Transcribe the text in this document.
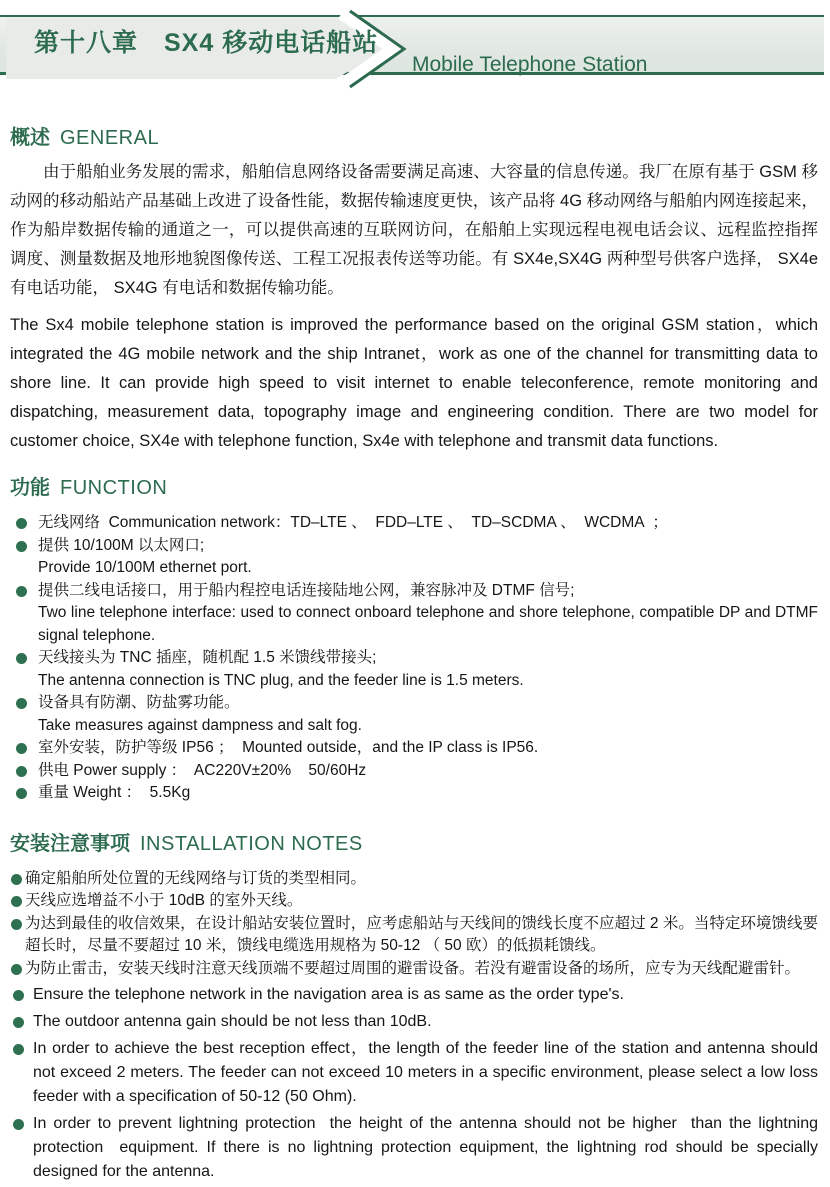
第十八章　SX4 移动电话船站
Mobile Telephone Station
概述 GENERAL

由于船舶业务发展的需求，船舶信息网络设备需要满足高速、大容量的信息传递。我厂在原有基于 GSM 移动网的移动船站产品基础上改进了设备性能，数据传输速度更快，该产品将 4G 移动网络与船舶内网连接起来，作为船岸数据传输的通道之一，可以提供高速的互联网访问，在船舶上实现远程电视电话会议、远程监控指挥调度、测量数据及地形地貌图像传送、工程工况报表传送等功能。有 SX4e,SX4G 两种型号供客户选择， SX4e 有电话功能， SX4G 有电话和数据传输功能。

The Sx4 mobile telephone station is improved the performance based on the original GSM station，which integrated the 4G mobile network and the ship Intranet，work as one of the channel for transmitting data to shore line. It can provide high speed to visit internet to enable teleconference, remote monitoring and dispatching, measurement data, topography image and engineering condition. There are two model for customer choice, SX4e with telephone function, Sx4e with telephone and transmit data functions.

功能 FUNCTION
无线网络  Communication network：TD–LTE 、  FDD–LTE 、  TD–SCDMA 、  WCDMA  ；
提供 10/100M 以太网口;
Provide 10/100M ethernet port.
提供二线电话接口，用于船内程控电话连接陆地公网，兼容脉冲及 DTMF 信号;
Two line telephone interface: used to connect onboard telephone and shore telephone, compatible DP and DTMF signal telephone.
天线接头为 TNC 插座，随机配 1.5 米馈线带接头;
The antenna connection is TNC plug, and the feeder line is 1.5 meters.
设备具有防潮、防盐雾功能。
Take measures against dampness and salt fog.
室外安装，防护等级 IP56 ；  Mounted outside，and the IP class is IP56.
供电 Power supply ：  AC220V±20%    50/60Hz
重量 Weight ：  5.5Kg
安装注意事项 INSTALLATION NOTES
确定船舶所处位置的无线网络与订货的类型相同。
天线应选增益不小于 10dB 的室外天线。
为达到最佳的收信效果，在设计船站安装位置时，应考虑船站与天线间的馈线长度不应超过 2 米。当特定环境馈线要超长时，尽量不要超过 10 米，馈线电缆选用规格为 50-12 （ 50 欧）的低损耗馈线。
为防止雷击，安装天线时注意天线顶端不要超过周围的避雷设备。若没有避雷设备的场所，应专为天线配避雷针。
Ensure the telephone network in the navigation area is as same as the order type's.
The outdoor antenna gain should be not less than 10dB.
In order to achieve the best reception effect，the length of the feeder line of the station and antenna should not exceed 2 meters. The feeder can not exceed 10 meters in a specific environment, please select a low loss feeder with a specification of 50-12 (50 Ohm).
In order to prevent lightning protection  the height of the antenna should not be higher  than the lightning protection  equipment. If there is no lightning protection equipment, the lightning rod should be specially designed for the antenna.
